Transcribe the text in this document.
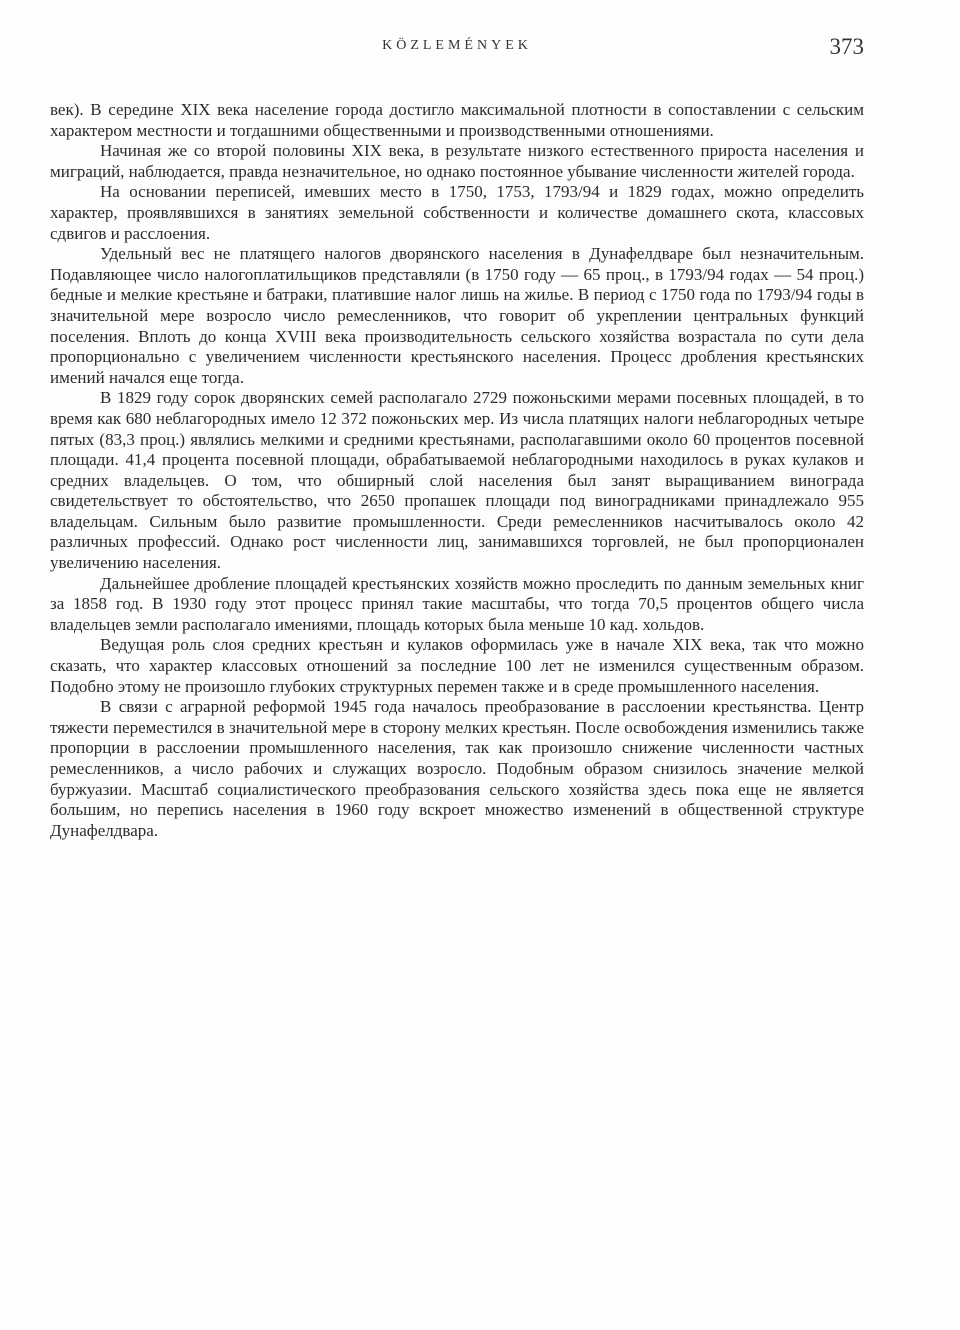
KÖZLEMÉNYEK	373

век). В середине XIX века население города достигло максимальной плотности в сопоставлении с сельским характером местности и тогдашними общественными и производственными отношениями.

Начиная же со второй половины XIX века, в результате низкого естественного прироста населения и миграций, наблюдается, правда незначительное, но однако постоянное убывание численности жителей города.

На основании переписей, имевших место в 1750, 1753, 1793/94 и 1829 годах, можно определить характер, проявлявшихся в занятиях земельной собственности и количестве домашнего скота, классовых сдвигов и расслоения.

Удельный вес не платящего налогов дворянского населения в Дунафелдваре был незначительным. Подавляющее число налогоплатильщиков представляли (в 1750 году — 65 проц., в 1793/94 годах — 54 проц.) бедные и мелкие крестьяне и батраки, платившие налог лишь на жилье. В период с 1750 года по 1793/94 годы в значительной мере возросло число ремесленников, что говорит об укреплении центральных функций поселения. Вплоть до конца XVIII века производительность сельского хозяйства возрастала по сути дела пропорционально с увеличением численности крестьянского населения. Процесс дробления крестьянских имений начался еще тогда.

В 1829 году сорок дворянских семей располагало 2729 пожоньскими мерами посевных площадей, в то время как 680 неблагородных имело 12 372 пожоньских мер. Из числа платящих налоги неблагородных четыре пятых (83,3 проц.) являлись мелкими и средними крестьянами, располагавшими около 60 процентов посевной площади. 41,4 процента посевной площади, обрабатываемой неблагородными находилось в руках кулаков и средних владельцев. О том, что обширный слой населения был занят выращиванием винограда свидетельствует то обстоятельство, что 2650 пропашек площади под виноградниками принадлежало 955 владельцам. Сильным было развитие промышленности. Среди ремесленников насчитывалось около 42 различных профессий. Однако рост численности лиц, занимавшихся торговлей, не был пропорционален увеличению населения.

Дальнейшее дробление площадей крестьянских хозяйств можно проследить по данным земельных книг за 1858 год. В 1930 году этот процесс принял такие масштабы, что тогда 70,5 процентов общего числа владельцев земли располагало имениями, площадь которых была меньше 10 кад. хольдов.

Ведущая роль слоя средних крестьян и кулаков оформилась уже в начале XIX века, так что можно сказать, что характер классовых отношений за последние 100 лет не изменился существенным образом. Подобно этому не произошло глубоких структурных перемен также и в среде промышленного населения.

В связи с аграрной реформой 1945 года началось преобразование в расслоении крестьянства. Центр тяжести переместился в значительной мере в сторону мелких крестьян. После освобождения изменились также пропорции в расслоении промышленного населения, так как произошло снижение численности частных ремесленников, а число рабочих и служащих возросло. Подобным образом снизилось значение мелкой буржуазии. Масштаб социалистического преобразования сельского хозяйства здесь пока еще не является большим, но перепись населения в 1960 году вскроет множество изменений в общественной структуре Дунафелдвара.
